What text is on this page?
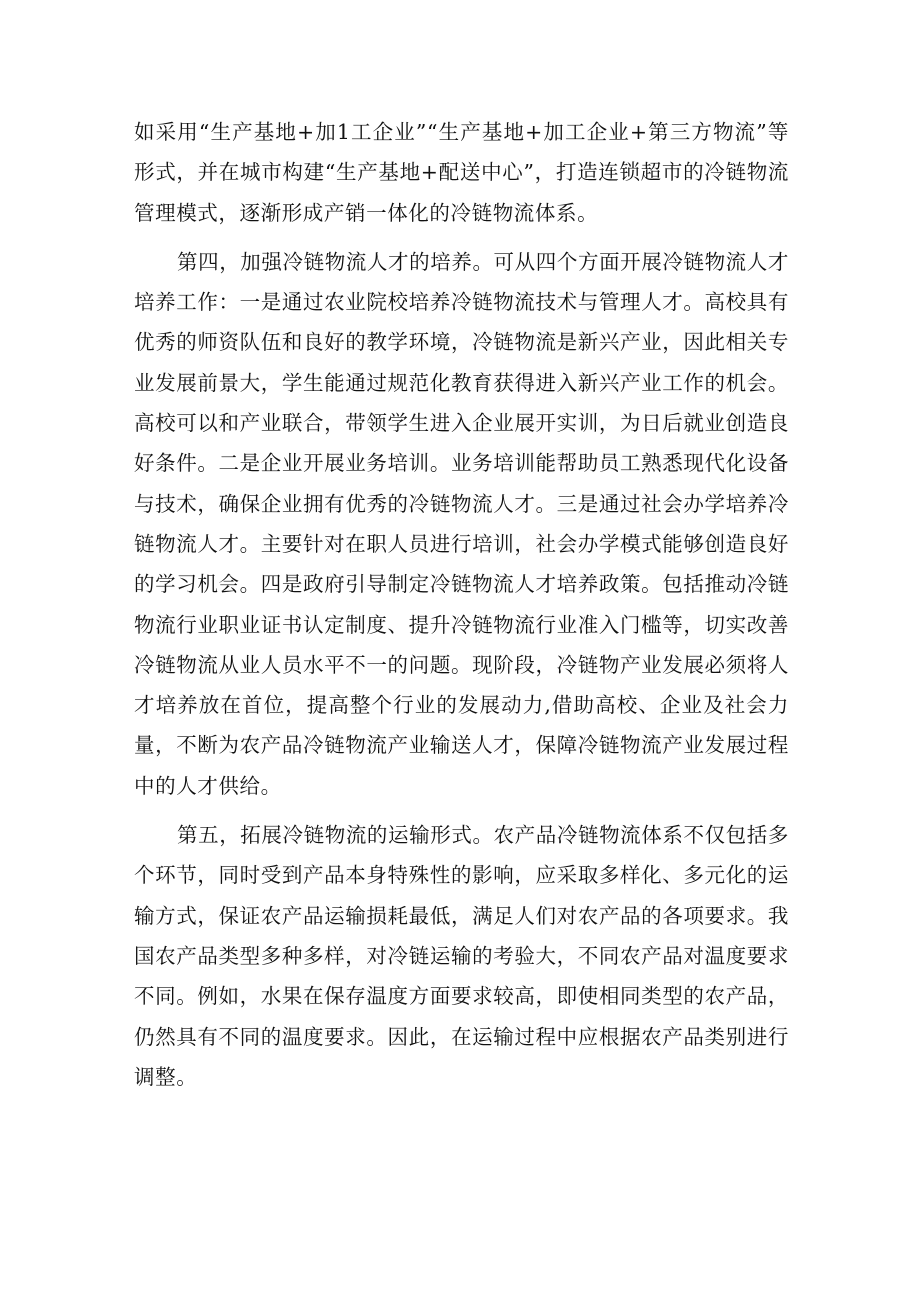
如采用“生产基地+加1工企业”“生产基地+加工企业+第三方物流”等形式，并在城市构建“生产基地+配送中心”，打造连锁超市的冷链物流管理模式，逐渐形成产销一体化的冷链物流体系。

第四，加强冷链物流人才的培养。可从四个方面开展冷链物流人才培养工作：一是通过农业院校培养冷链物流技术与管理人才。高校具有优秀的师资队伍和良好的教学环境，冷链物流是新兴产业，因此相关专业发展前景大，学生能通过规范化教育获得进入新兴产业工作的机会。高校可以和产业联合，带领学生进入企业展开实训，为日后就业创造良好条件。二是企业开展业务培训。业务培训能帮助员工熟悉现代化设备与技术，确保企业拥有优秀的冷链物流人才。三是通过社会办学培养冷链物流人才。主要针对在职人员进行培训，社会办学模式能够创造良好的学习机会。四是政府引导制定冷链物流人才培养政策。包括推动冷链物流行业职业证书认定制度、提升冷链物流行业准入门槛等，切实改善冷链物流从业人员水平不一的问题。现阶段，冷链物产业发展必须将人才培养放在首位，提高整个行业的发展动力,借助高校、企业及社会力量，不断为农产品冷链物流产业输送人才，保障冷链物流产业发展过程中的人才供给。

第五，拓展冷链物流的运输形式。农产品冷链物流体系不仅包括多个环节，同时受到产品本身特殊性的影响，应采取多样化、多元化的运输方式，保证农产品运输损耗最低，满足人们对农产品的各项要求。我国农产品类型多种多样，对冷链运输的考验大，不同农产品对温度要求不同。例如，水果在保存温度方面要求较高，即使相同类型的农产品，仍然具有不同的温度要求。因此，在运输过程中应根据农产品类别进行调整。
